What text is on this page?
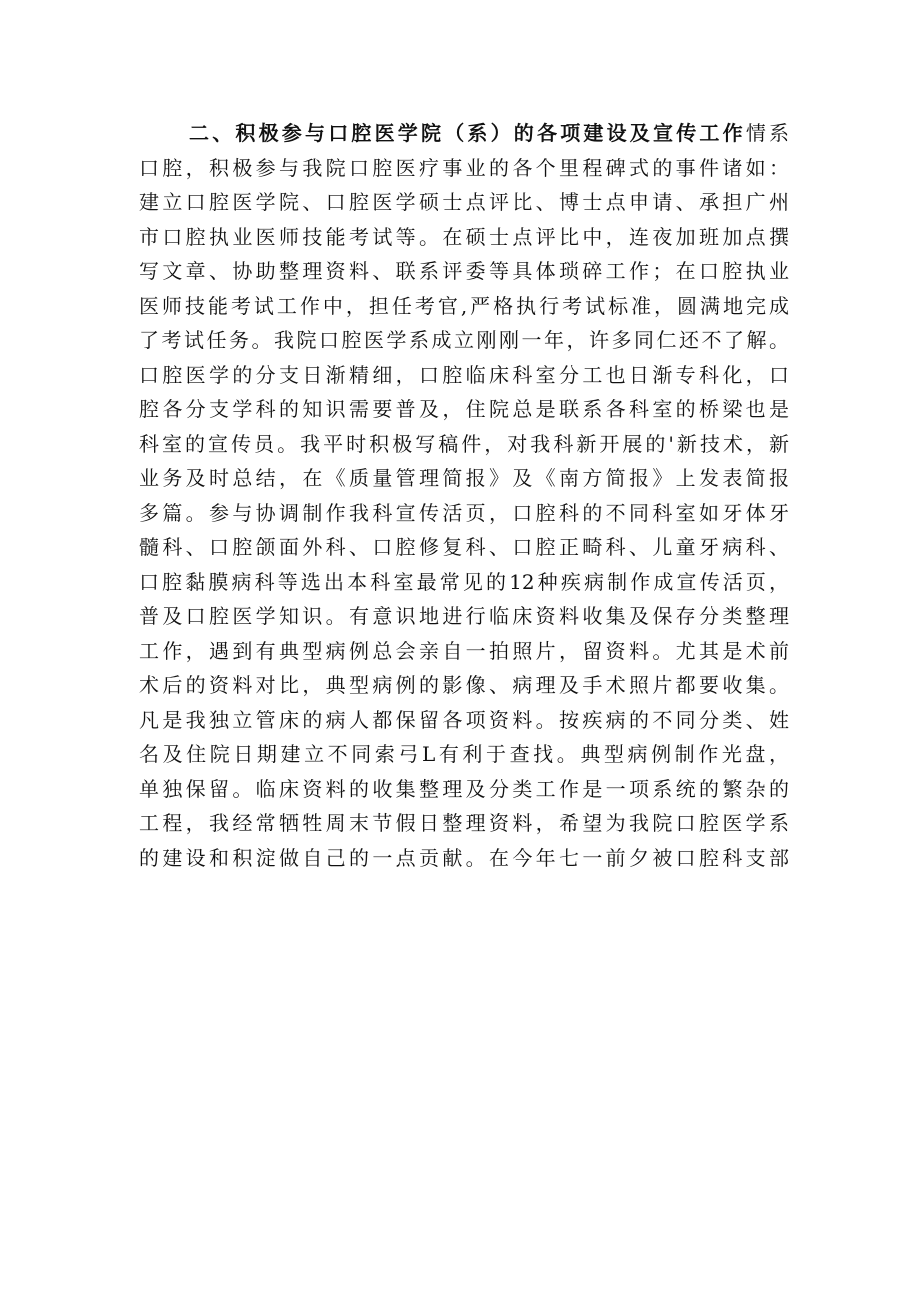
二、积极参与口腔医学院（系）的各项建设及宣传工作情系
口腔，积极参与我院口腔医疗事业的各个里程碑式的事件诸如：
建立口腔医学院、口腔医学硕士点评比、博士点申请、承担广州
市口腔执业医师技能考试等。在硕士点评比中，连夜加班加点撰
写文章、协助整理资料、联系评委等具体琐碎工作；在口腔执业
医师技能考试工作中，担任考官,严格执行考试标准，圆满地完成
了考试任务。我院口腔医学系成立刚刚一年，许多同仁还不了解。
口腔医学的分支日渐精细，口腔临床科室分工也日渐专科化，口
腔各分支学科的知识需要普及，住院总是联系各科室的桥梁也是
科室的宣传员。我平时积极写稿件，对我科新开展的'新技术，新
业务及时总结，在《质量管理简报》及《南方简报》上发表简报
多篇。参与协调制作我科宣传活页，口腔科的不同科室如牙体牙
髓科、口腔颌面外科、口腔修复科、口腔正畸科、儿童牙病科、
口腔黏膜病科等选出本科室最常见的12种疾病制作成宣传活页，
普及口腔医学知识。有意识地进行临床资料收集及保存分类整理
工作，遇到有典型病例总会亲自一拍照片，留资料。尤其是术前
术后的资料对比，典型病例的影像、病理及手术照片都要收集。
凡是我独立管床的病人都保留各项资料。按疾病的不同分类、姓
名及住院日期建立不同索弓L有利于查找。典型病例制作光盘，
单独保留。临床资料的收集整理及分类工作是一项系统的繁杂的
工程，我经常牺牲周末节假日整理资料，希望为我院口腔医学系
的建设和积淀做自己的一点贡献。在今年七一前夕被口腔科支部
